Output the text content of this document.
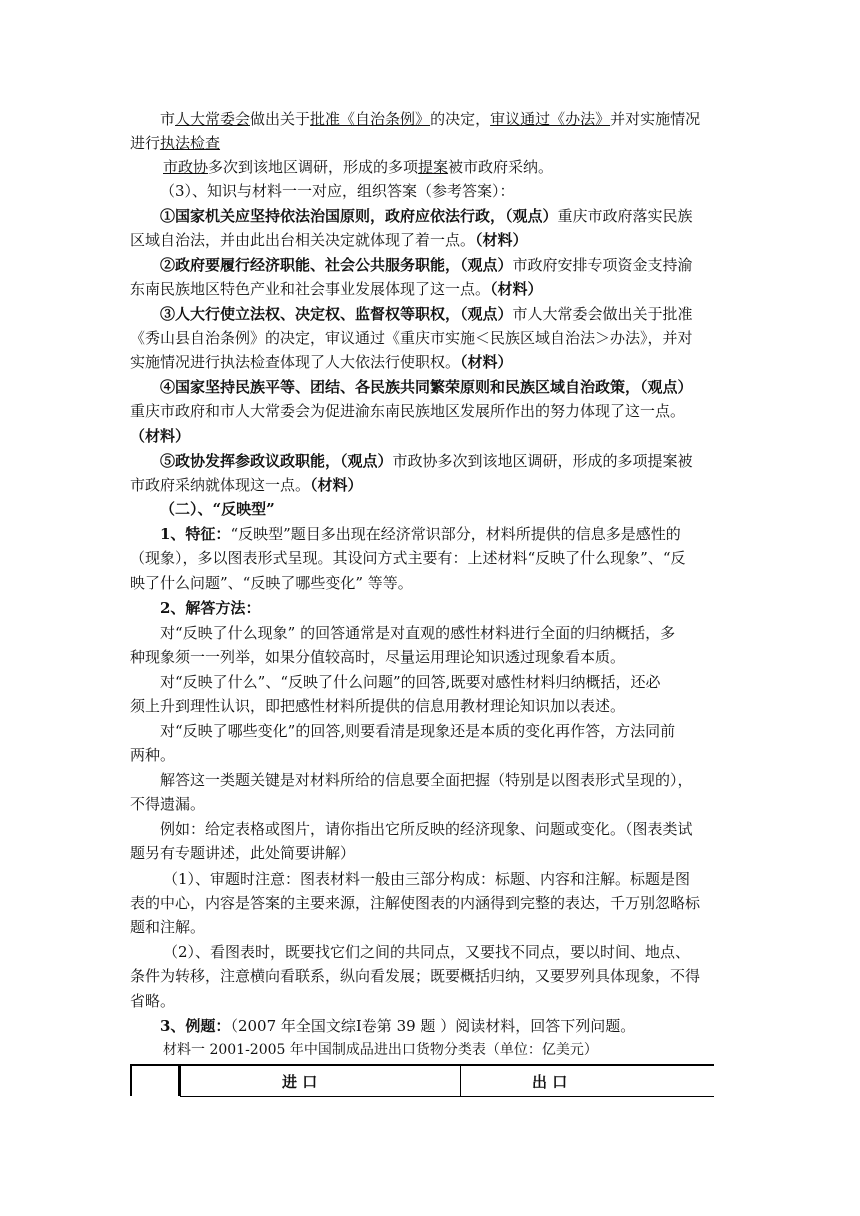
市人大常委会做出关于批准《自治条例》的决定，审议通过《办法》并对实施情况
进行执法检查
市政协多次到该地区调研，形成的多项提案被市政府采纳。
（3）、知识与材料一一对应，组织答案（参考答案）：
①国家机关应坚持依法治国原则，政府应依法行政，（观点）重庆市政府落实民族
区域自治法，并由此出台相关决定就体现了着一点。（材料）
②政府要履行经济职能、社会公共服务职能，（观点）市政府安排专项资金支持渝
东南民族地区特色产业和社会事业发展体现了这一点。（材料）
③人大行使立法权、决定权、监督权等职权，（观点）市人大常委会做出关于批准
《秀山县自治条例》的决定，审议通过《重庆市实施＜民族区域自治法＞办法》，并对
实施情况进行执法检查体现了人大依法行使职权。（材料）
④国家坚持民族平等、团结、各民族共同繁荣原则和民族区域自治政策，（观点）
重庆市政府和市人大常委会为促进渝东南民族地区发展所作出的努力体现了这一点。
（材料）
⑤政协发挥参政议政职能，（观点）市政协多次到该地区调研，形成的多项提案被
市政府采纳就体现这一点。（材料）
（二）、“反映型”
1、特征：“反映型”题目多出现在经济常识部分，材料所提供的信息多是感性的
（现象），多以图表形式呈现。其设问方式主要有：上述材料“反映了什么现象”、“反
映了什么问题”、“反映了哪些变化” 等等。
2、解答方法：
对“反映了什么现象” 的回答通常是对直观的感性材料进行全面的归纳概括，多
种现象须一一列举，如果分值较高时，尽量运用理论知识透过现象看本质。
对“反映了什么”、“反映了什么问题”的回答,既要对感性材料归纳概括，还必
须上升到理性认识，即把感性材料所提供的信息用教材理论知识加以表述。
对“反映了哪些变化”的回答,则要看清是现象还是本质的变化再作答，方法同前
两种。
解答这一类题关键是对材料所给的信息要全面把握（特别是以图表形式呈现的），
不得遗漏。
例如：给定表格或图片，请你指出它所反映的经济现象、问题或变化。（图表类试
题另有专题讲述，此处简要讲解）
（1）、审题时注意：图表材料一般由三部分构成：标题、内容和注解。标题是图
表的中心，内容是答案的主要来源，注解使图表的内涵得到完整的表达，千万别忽略标
题和注解。
（2）、看图表时，既要找它们之间的共同点，又要找不同点，要以时间、地点、
条件为转移，注意横向看联系，纵向看发展；既要概括归纳，又要罗列具体现象，不得
省略。
3、例题：（2007 年全国文综Ⅰ卷第 39 题 ）阅读材料，回答下列问题。
材料一 2001-2005 年中国制成品进出口货物分类表（单位：亿美元）
进 口	出 口
